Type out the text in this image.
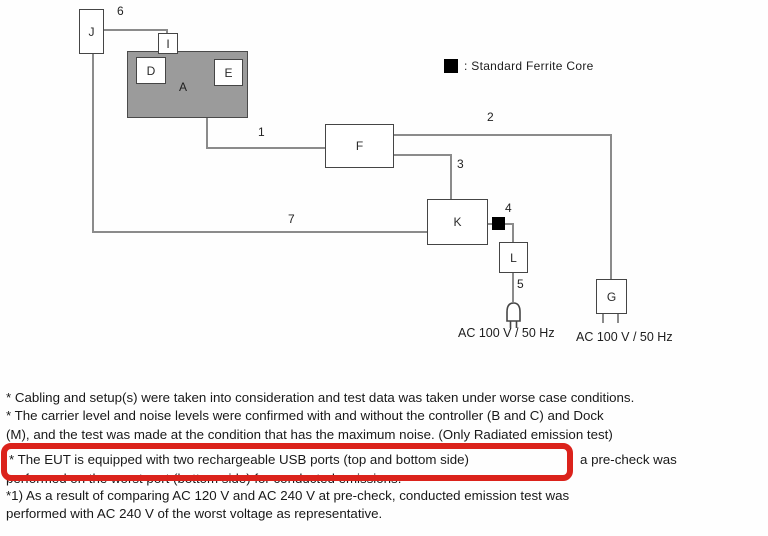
6
7
1
2
3
4
5
J
I
A
D	E
F
K
L
G
AC 100 V / 50 Hz AC 100 V / 50 Hz
: Standard Ferrite Core
* Cabling and setup(s) were taken into consideration and test data was taken under worse case conditions.
* The carrier level and noise levels were confirmed with and without the controller (B and C) and Dock
(M), and the test was made at the condition that has the maximum noise. (Only Radiated emission test)
* The EUT is equipped with two rechargeable USB ports (top and bottom side)	a pre-check was
performed on the worst port (bottom side) for conducted emissions.
*1) As a result of comparing AC 120 V and AC 240 V at pre-check, conducted emission test was
performed with AC 240 V of the worst voltage as representative.
